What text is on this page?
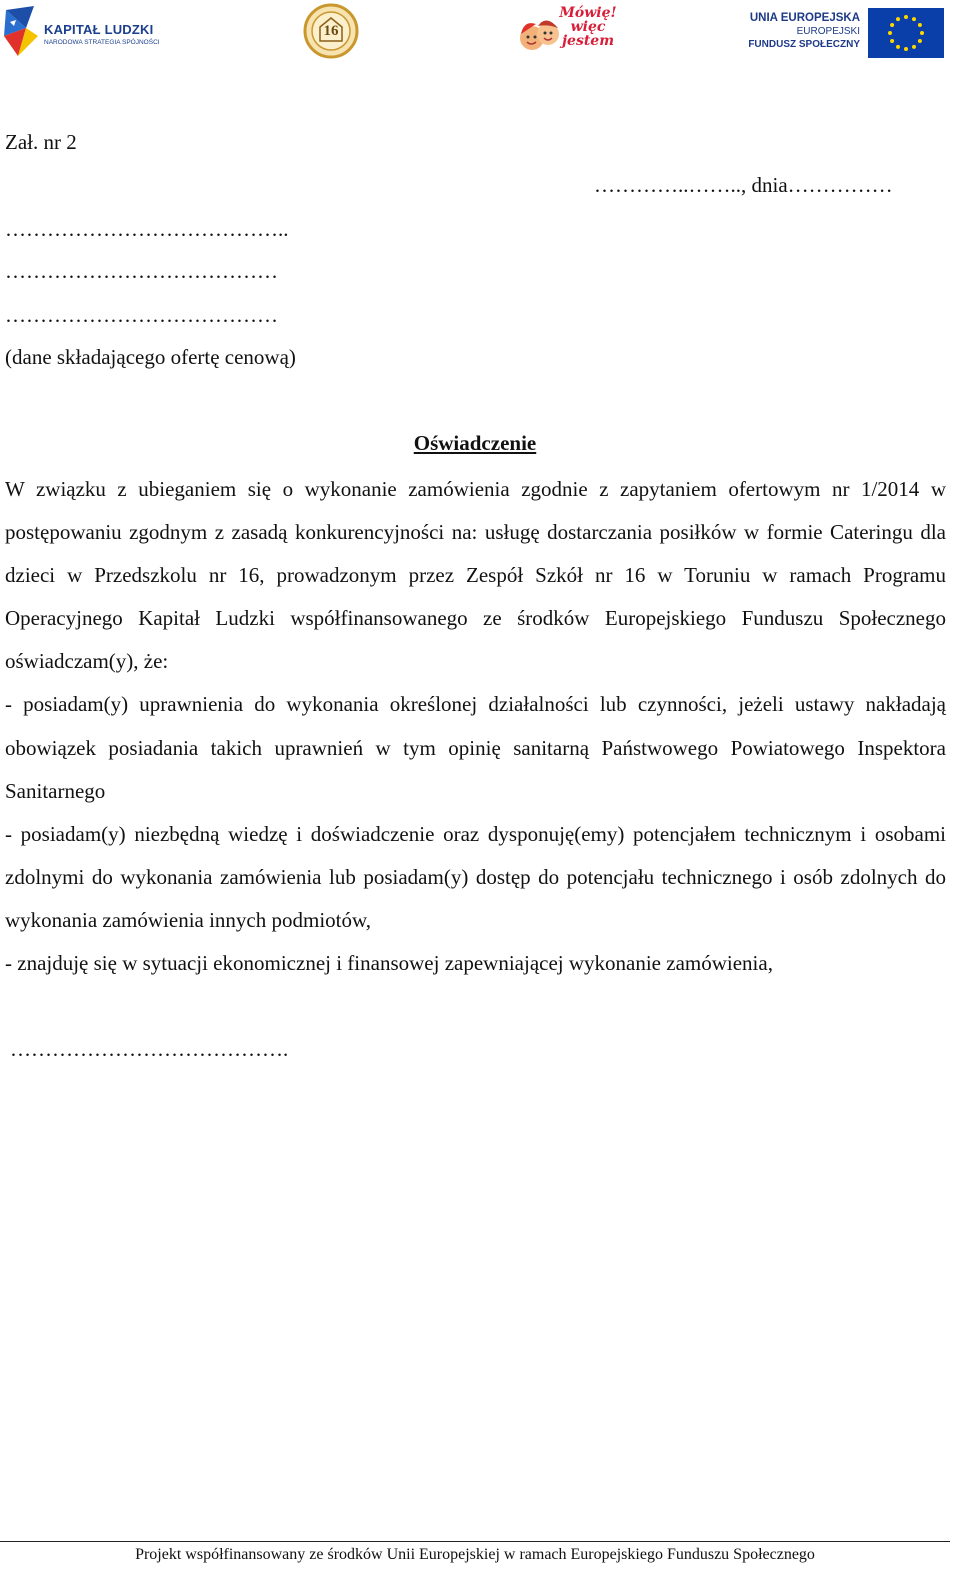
KAPITAŁ LUDZKI
NARODOWA STRATEGIA SPÓJNOŚCI
16
Mówię! więc jestem
UNIA EUROPEJSKA
EUROPEJSKI
FUNDUSZ SPOŁECZNY
Zał. nr 2
…………..…….., dnia……………
…………………………………..
…………………………………
…………………………………
(dane składającego ofertę cenową)
Oświadczenie

W związku z ubieganiem się o wykonanie zamówienia zgodnie z zapytaniem ofertowym nr 1/2014 w postępowaniu zgodnym z zasadą konkurencyjności na: usługę dostarczania posiłków w formie Cateringu dla dzieci w Przedszkolu nr 16, prowadzonym przez Zespół Szkół nr 16 w Toruniu w ramach Programu Operacyjnego Kapitał Ludzki współfinansowanego ze środków Europejskiego Funduszu Społecznego oświadczam(y), że:

- posiadam(y) uprawnienia do wykonania określonej działalności lub czynności, jeżeli ustawy nakładają obowiązek posiadania takich uprawnień w tym opinię sanitarną Państwowego Powiatowego Inspektora Sanitarnego

- posiadam(y) niezbędną wiedzę i doświadczenie oraz dysponuję(emy) potencjałem technicznym i osobami zdolnymi do wykonania zamówienia lub posiadam(y) dostęp do potencjału technicznego i osób zdolnych do wykonania zamówienia innych podmiotów,

- znajduję się w sytuacji ekonomicznej i finansowej zapewniającej wykonanie zamówienia,

………………………………….
Projekt współfinansowany ze środków Unii Europejskiej w ramach Europejskiego Funduszu Społecznego
